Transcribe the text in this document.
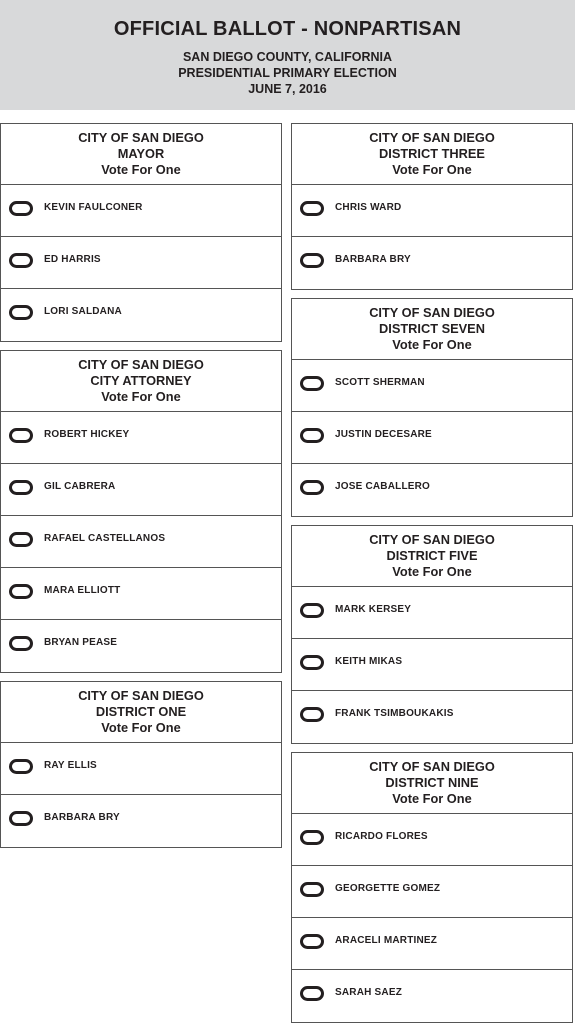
OFFICIAL BALLOT - NONPARTISAN
SAN DIEGO COUNTY, CALIFORNIA
PRESIDENTIAL PRIMARY ELECTION
JUNE 7, 2016
CITY OF SAN DIEGO
MAYOR
Vote For One
KEVIN FAULCONER
ED HARRIS
LORI SALDANA
CITY OF SAN DIEGO
CITY ATTORNEY
Vote For One
ROBERT HICKEY
GIL CABRERA
RAFAEL CASTELLANOS
MARA ELLIOTT
BRYAN PEASE
CITY OF SAN DIEGO
DISTRICT ONE
Vote For One
RAY ELLIS
BARBARA BRY
CITY OF SAN DIEGO
DISTRICT THREE
Vote For One
CHRIS WARD
BARBARA BRY
CITY OF SAN DIEGO
DISTRICT SEVEN
Vote For One
SCOTT SHERMAN
JUSTIN DECESARE
JOSE CABALLERO
CITY OF SAN DIEGO
DISTRICT FIVE
Vote For One
MARK KERSEY
KEITH MIKAS
FRANK TSIMBOUKAKIS
CITY OF SAN DIEGO
DISTRICT NINE
Vote For One
RICARDO FLORES
GEORGETTE GOMEZ
ARACELI MARTINEZ
SARAH SAEZ
